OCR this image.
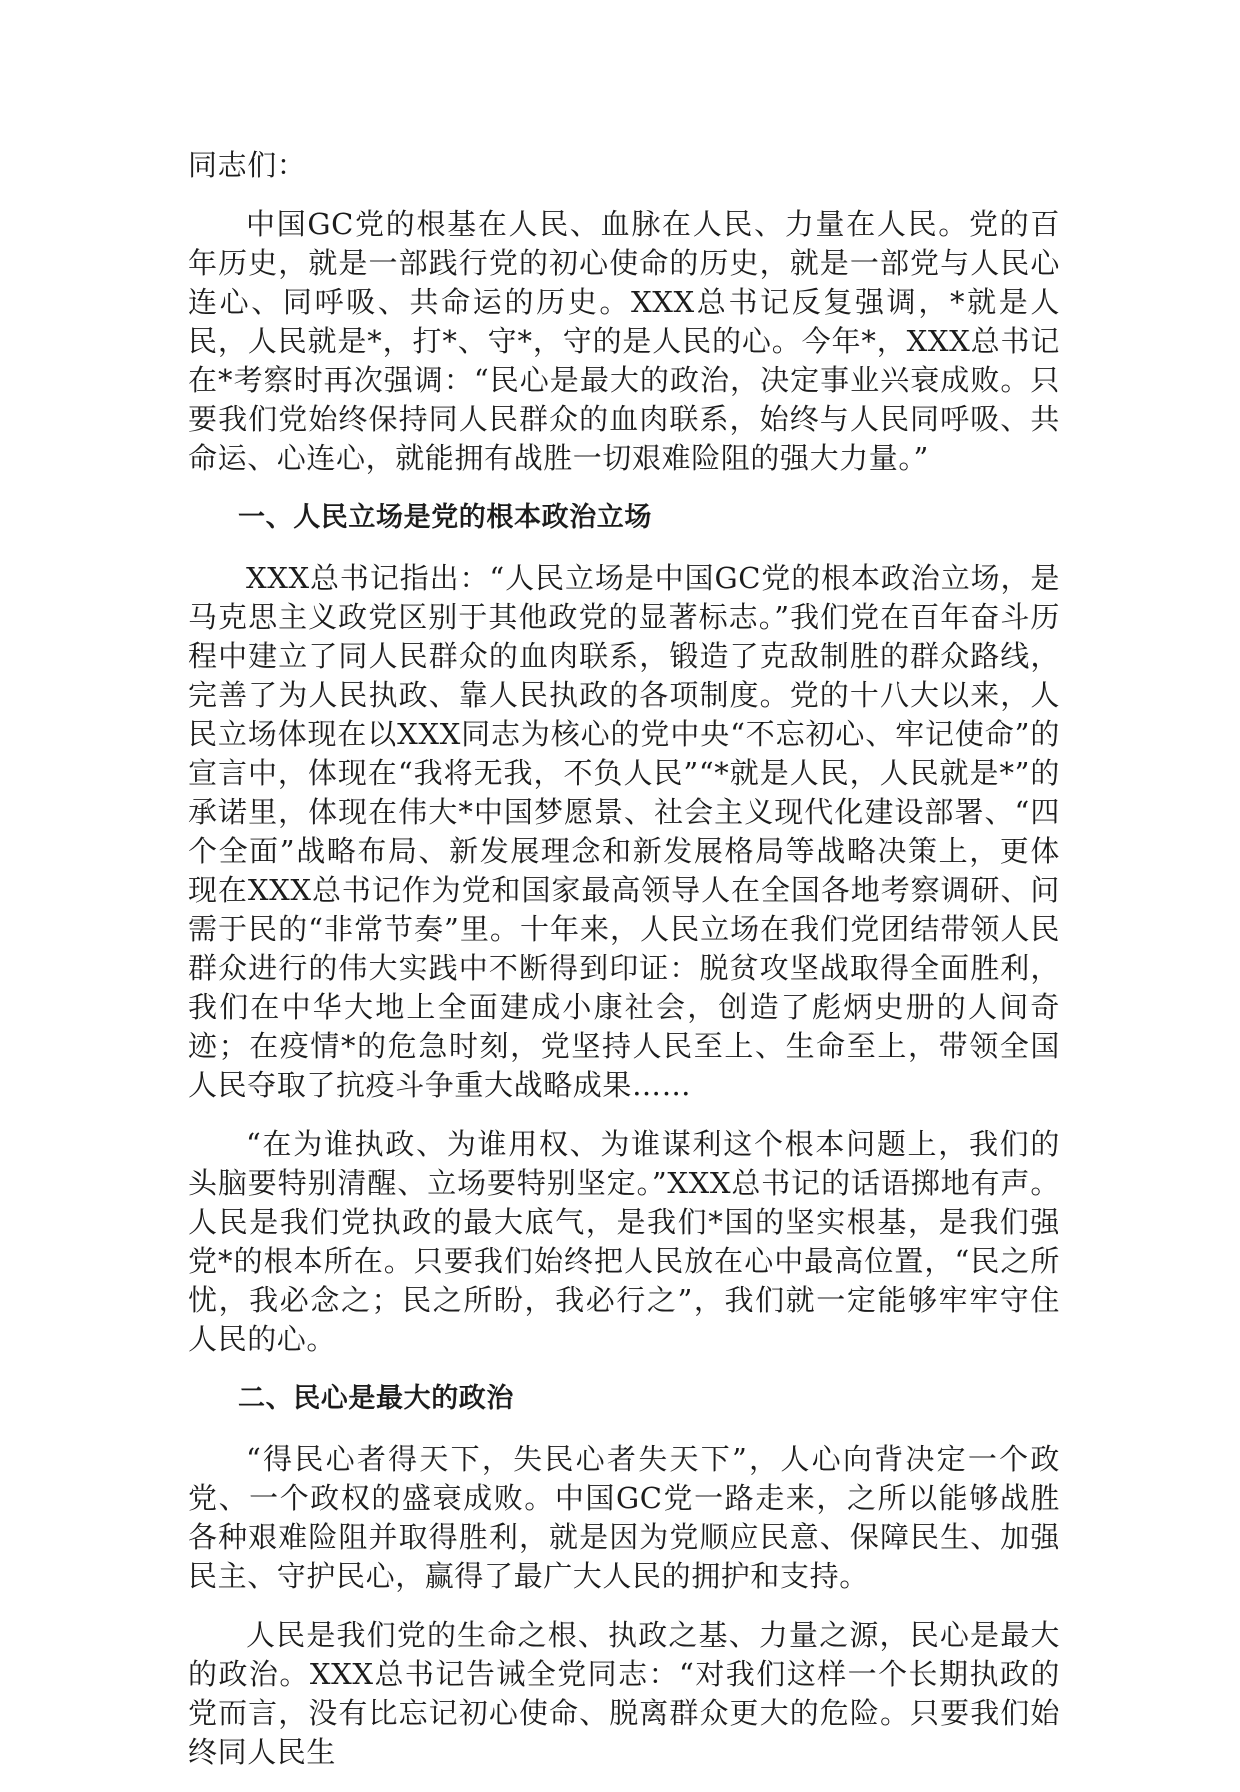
同志们：

中国GC党的根基在人民、血脉在人民、力量在人民。党的百年历史，就是一部践行党的初心使命的历史，就是一部党与人民心连心、同呼吸、共命运的历史。XXX总书记反复强调，*就是人民，人民就是*，打*、守*，守的是人民的心。今年*，XXX总书记在*考察时再次强调：“民心是最大的政治，决定事业兴衰成败。只要我们党始终保持同人民群众的血肉联系，始终与人民同呼吸、共命运、心连心，就能拥有战胜一切艰难险阻的强大力量。”

一、人民立场是党的根本政治立场

XXX总书记指出：“人民立场是中国GC党的根本政治立场，是马克思主义政党区别于其他政党的显著标志。”我们党在百年奋斗历程中建立了同人民群众的血肉联系，锻造了克敌制胜的群众路线，完善了为人民执政、靠人民执政的各项制度。党的十八大以来，人民立场体现在以XXX同志为核心的党中央“不忘初心、牢记使命”的宣言中，体现在“我将无我，不负人民”“*就是人民，人民就是*”的承诺里，体现在伟大*中国梦愿景、社会主义现代化建设部署、“四个全面”战略布局、新发展理念和新发展格局等战略决策上，更体现在XXX总书记作为党和国家最高领导人在全国各地考察调研、问需于民的“非常节奏”里。十年来，人民立场在我们党团结带领人民群众进行的伟大实践中不断得到印证：脱贫攻坚战取得全面胜利，我们在中华大地上全面建成小康社会，创造了彪炳史册的人间奇迹；在疫情*的危急时刻，党坚持人民至上、生命至上，带领全国人民夺取了抗疫斗争重大战略成果……

“在为谁执政、为谁用权、为谁谋利这个根本问题上，我们的头脑要特别清醒、立场要特别坚定。”XXX总书记的话语掷地有声。人民是我们党执政的最大底气，是我们*国的坚实根基，是我们强党*的根本所在。只要我们始终把人民放在心中最高位置，“民之所忧，我必念之；民之所盼，我必行之”，我们就一定能够牢牢守住人民的心。

二、民心是最大的政治

“得民心者得天下，失民心者失天下”，人心向背决定一个政党、一个政权的盛衰成败。中国GC党一路走来，之所以能够战胜各种艰难险阻并取得胜利，就是因为党顺应民意、保障民生、加强民主、守护民心，赢得了最广大人民的拥护和支持。

人民是我们党的生命之根、执政之基、力量之源，民心是最大的政治。XXX总书记告诫全党同志：“对我们这样一个长期执政的党而言，没有比忘记初心使命、脱离群众更大的危险。只要我们始终同人民生
